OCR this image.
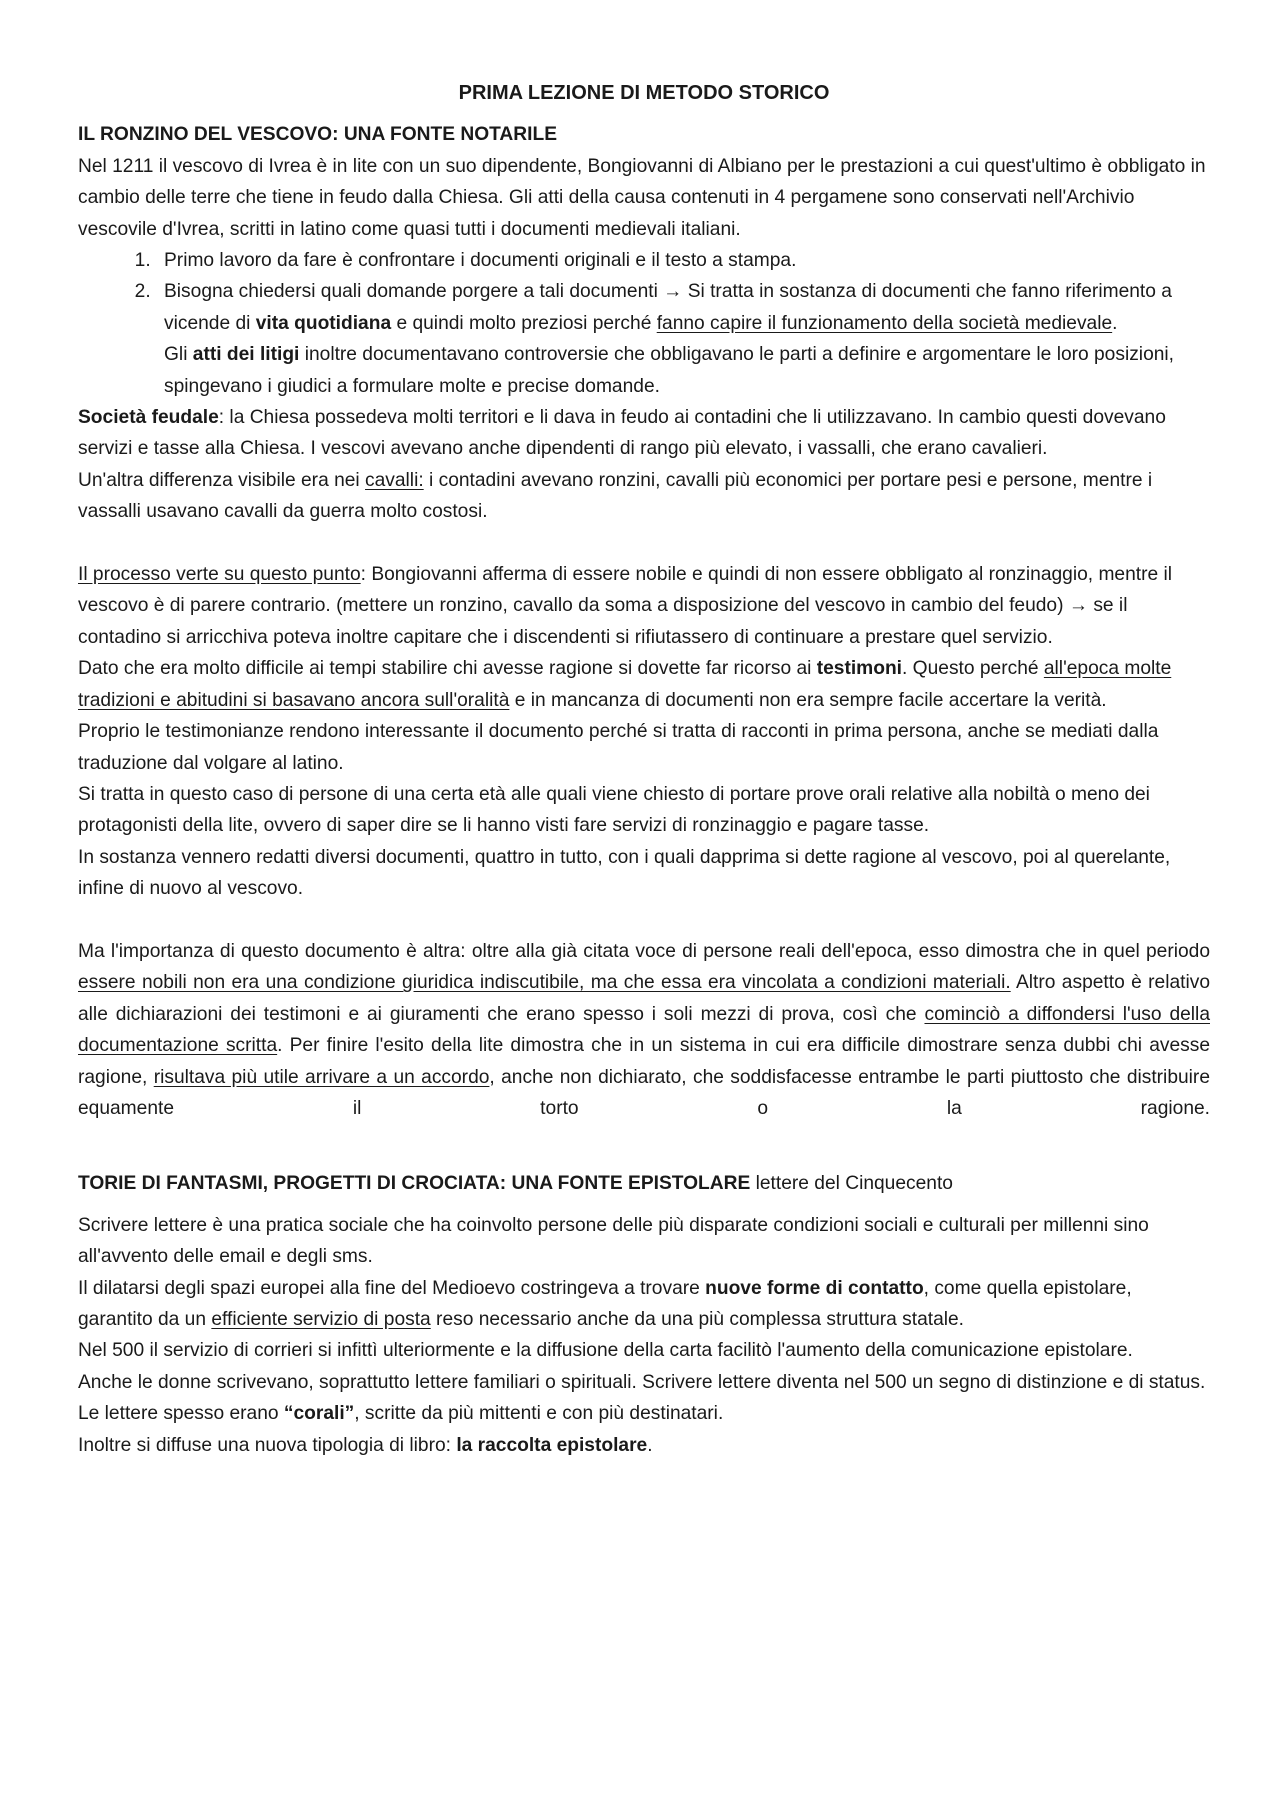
PRIMA LEZIONE DI METODO STORICO
IL RONZINO DEL VESCOVO: UNA FONTE NOTARILE

Nel 1211 il vescovo di Ivrea è in lite con un suo dipendente, Bongiovanni di Albiano per le prestazioni a cui quest'ultimo è obbligato in cambio delle terre che tiene in feudo dalla Chiesa. Gli atti della causa contenuti in 4 pergamene sono conservati nell'Archivio vescovile d'Ivrea, scritti in latino come quasi tutti i documenti medievali italiani.

1. Primo lavoro da fare è confrontare i documenti originali e il testo a stampa.
2. Bisogna chiedersi quali domande porgere a tali documenti → Si tratta in sostanza di documenti che fanno riferimento a vicende di vita quotidiana e quindi molto preziosi perché fanno capire il funzionamento della società medievale.
Gli atti dei litigi inoltre documentavano controversie che obbligavano le parti a definire e argomentare le loro posizioni, spingevano i giudici a formulare molte e precise domande.

Società feudale: la Chiesa possedeva molti territori e li dava in feudo ai contadini che li utilizzavano. In cambio questi dovevano servizi e tasse alla Chiesa. I vescovi avevano anche dipendenti di rango più elevato, i vassalli, che erano cavalieri.

Un'altra differenza visibile era nei cavalli: i contadini avevano ronzini, cavalli più economici per portare pesi e persone, mentre i vassalli usavano cavalli da guerra molto costosi.

Il processo verte su questo punto: Bongiovanni afferma di essere nobile e quindi di non essere obbligato al ronzinaggio, mentre il vescovo è di parere contrario. (mettere un ronzino, cavallo da soma a disposizione del vescovo in cambio del feudo) → se il contadino si arricchiva poteva inoltre capitare che i discendenti si rifiutassero di continuare a prestare quel servizio.

Dato che era molto difficile ai tempi stabilire chi avesse ragione si dovette far ricorso ai testimoni. Questo perché all'epoca molte tradizioni e abitudini si basavano ancora sull'oralità e in mancanza di documenti non era sempre facile accertare la verità.

Proprio le testimonianze rendono interessante il documento perché si tratta di racconti in prima persona, anche se mediati dalla traduzione dal volgare al latino.

Si tratta in questo caso di persone di una certa età alle quali viene chiesto di portare prove orali relative alla nobiltà o meno dei protagonisti della lite, ovvero di saper dire se li hanno visti fare servizi di ronzinaggio e pagare tasse.

In sostanza vennero redatti diversi documenti, quattro in tutto, con i quali dapprima si dette ragione al vescovo, poi al querelante, infine di nuovo al vescovo.

Ma l'importanza di questo documento è altra: oltre alla già citata voce di persone reali dell'epoca, esso dimostra che in quel periodo essere nobili non era una condizione giuridica indiscutibile, ma che essa era vincolata a condizioni materiali. Altro aspetto è relativo alle dichiarazioni dei testimoni e ai giuramenti che erano spesso i soli mezzi di prova, così che cominciò a diffondersi l'uso della documentazione scritta. Per finire l'esito della lite dimostra che in un sistema in cui era difficile dimostrare senza dubbi chi avesse ragione, risultava più utile arrivare a un accordo, anche non dichiarato, che soddisfacesse entrambe le parti piuttosto che distribuire equamente il torto o la ragione.

TORIE DI FANTASMI, PROGETTI DI CROCIATA: UNA FONTE EPISTOLARE lettere del Cinquecento

Scrivere lettere è una pratica sociale che ha coinvolto persone delle più disparate condizioni sociali e culturali per millenni sino all'avvento delle email e degli sms.

Il dilatarsi degli spazi europei alla fine del Medioevo costringeva a trovare nuove forme di contatto, come quella epistolare, garantito da un efficiente servizio di posta reso necessario anche da una più complessa struttura statale.

Nel 500 il servizio di corrieri si infittì ulteriormente e la diffusione della carta facilitò l'aumento della comunicazione epistolare.

Anche le donne scrivevano, soprattutto lettere familiari o spirituali. Scrivere lettere diventa nel 500 un segno di distinzione e di status.

Le lettere spesso erano “corali”, scritte da più mittenti e con più destinatari.

Inoltre si diffuse una nuova tipologia di libro: la raccolta epistolare.
